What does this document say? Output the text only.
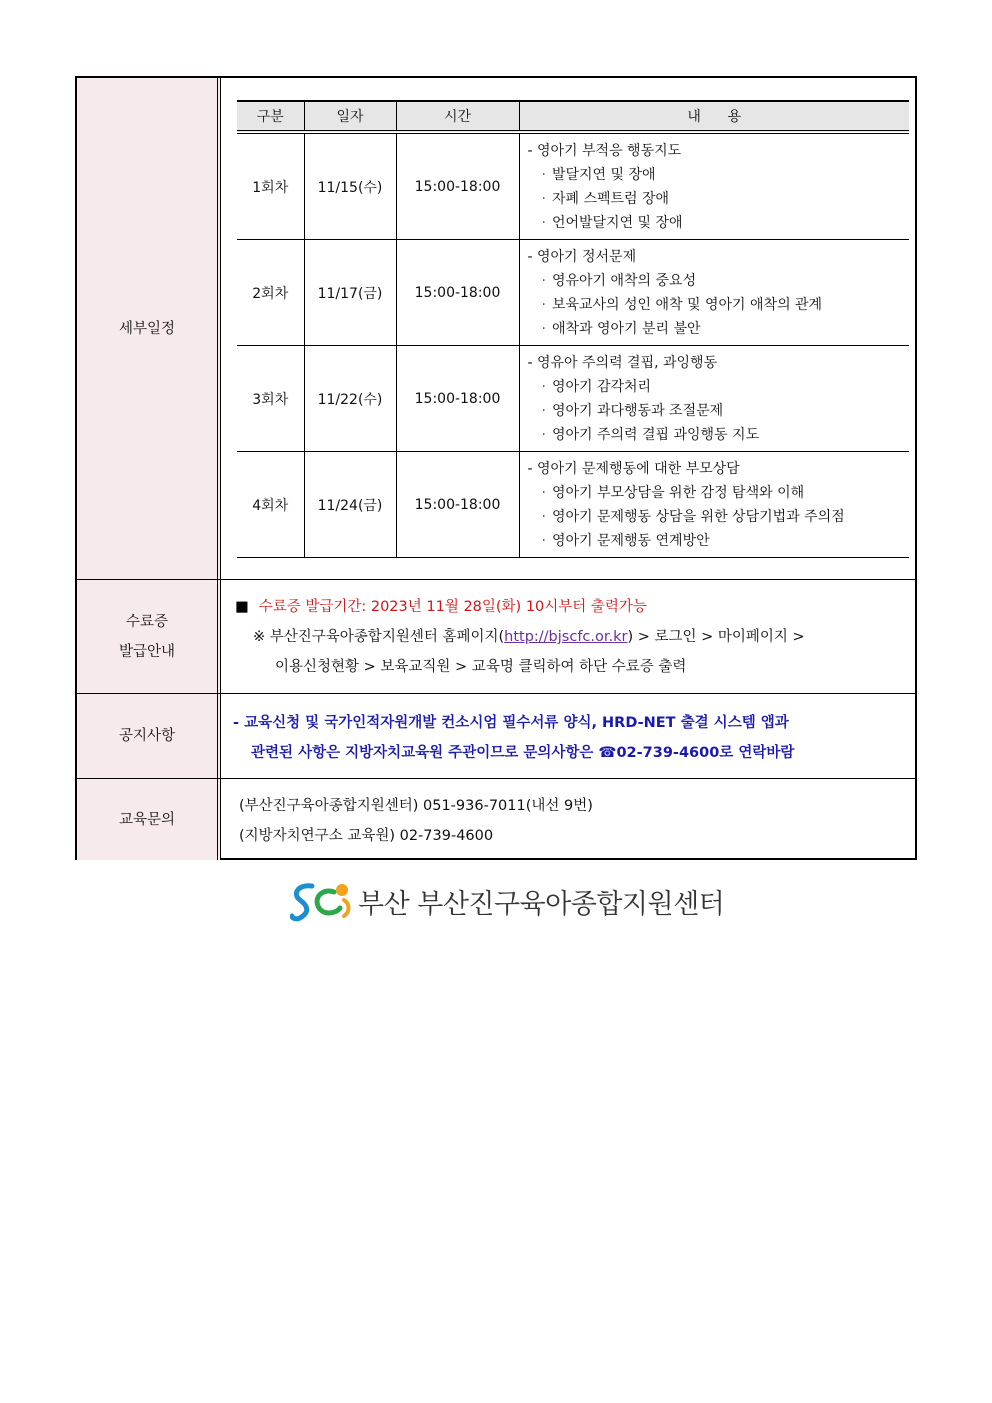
세부일정
구분	일자	시간	내      용
1회차	11/15(수)	15:00-18:00	- 영아기 부적응 행동지도
· 발달지연 및 장애
· 자폐 스펙트럼 장애
· 언어발달지연 및 장애

2회차	11/17(금)	15:00-18:00	- 영아기 정서문제
· 영유아기 애착의 중요성
· 보육교사의 성인 애착 및 영아기 애착의 관계
· 애착과 영아기 분리 불안

3회차	11/22(수)	15:00-18:00	- 영유아 주의력 결핍, 과잉행동
· 영아기 감각처리
· 영아기 과다행동과 조절문제
· 영아기 주의력 결핍 과잉행동 지도

4회차	11/24(금)	15:00-18:00	- 영아기 문제행동에 대한 부모상담
· 영아기 부모상담을 위한 감정 탐색와 이해
· 영아기 문제행동 상담을 위한 상담기법과 주의점
· 영아기 문제행동 연계방안
수료증
발급안내
■ 수료증 발급기간: 2023년 11월 28일(화) 10시부터 출력가능
※ 부산진구육아종합지원센터 홈페이지(http://bjscfc.or.kr) > 로그인 > 마이페이지 >
이용신청현황 > 보육교직원 > 교육명 클릭하여 하단 수료증 출력
공지사항
- 교육신청 및 국가인적자원개발 컨소시엄 필수서류 양식, HRD-NET 출결 시스템 앱과
관련된 사항은 지방자치교육원 주관이므로 문의사항은 ☎02-739-4600로 연락바람
교육문의
(부산진구육아종합지원센터) 051-936-7011(내선 9번)
(지방자치연구소 교육원) 02-739-4600
부산 부산진구육아종합지원센터
